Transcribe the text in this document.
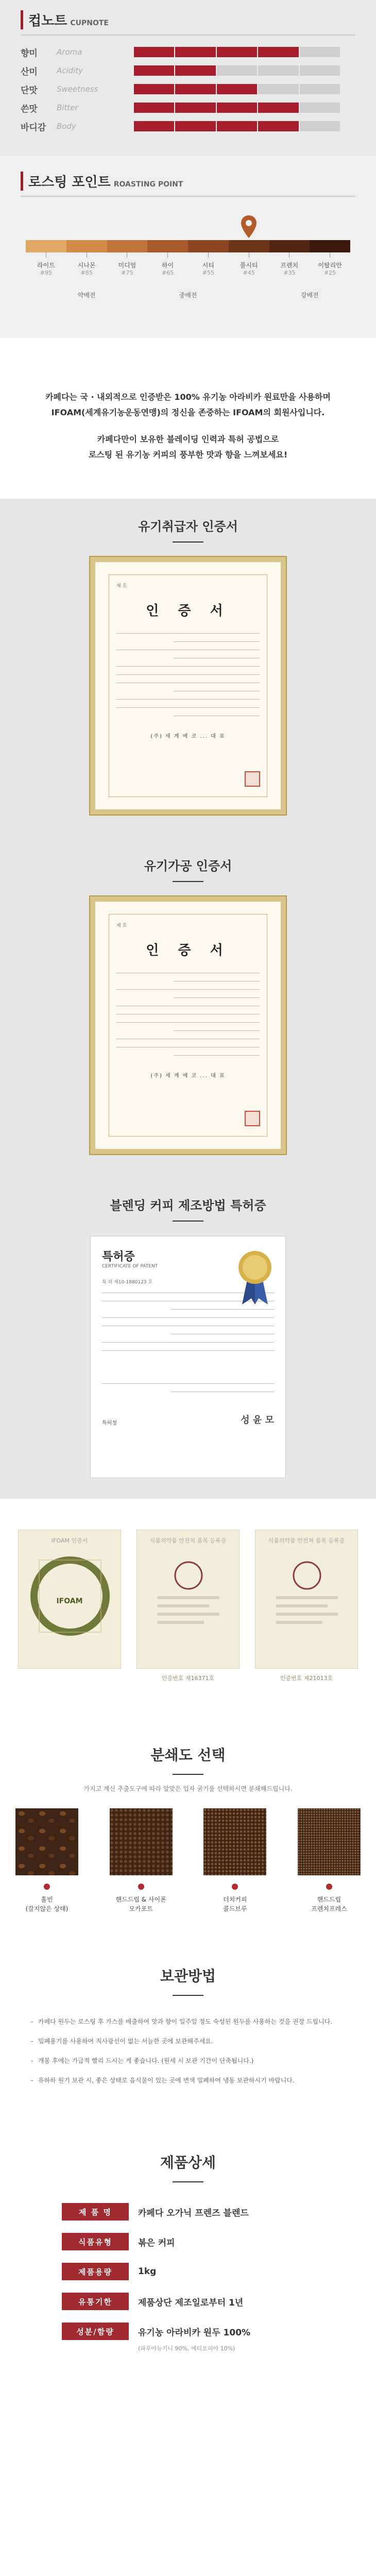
컵노트 CUPNOTE
향미	Aroma
산미	Acidity
단맛	Sweetness
쓴맛	Bitter
바디감	Body
로스팅 포인트 ROASTING POINT
라이트
#95
시나몬
#85
미디엄
#75
하이
#65
시티
#55
풀시티
#45
프렌치
#35
이탈리안
#25
약배전	중배전	강배전

카페다는 국 · 내외적으로 인증받은 100% 유기농 아라비카 원료만을 사용하며
IFOAM(세계유기농운동연맹)의 정신을 존중하는 IFOAM의 회원사입니다.

카페다만이 보유한 블레이딩 인력과 특허 공법으로
로스팅 된 유기농 커피의 풍부한 맛과 향을 느껴보세요!

유기취급자 인증서
제 호
인 증 서
(주) 세 계 에 코 ... 대 표
유기가공 인증서
제 호
인 증 서
(주) 세 계 에 코 ... 대 표
블렌딩 커피 제조방법 특허증
특허증
CERTIFICATE OF PATENT
특 허 제10-1880123 호
특허청	성 윤 모
IFOAM 인증서
IFOAM
식품의약품 안전처 품목 등록증
인증번호 제16371호
식품의약품 안전처 품목 등록증
인증번호 제21013호
분쇄도 선택
가지고 계신 추출도구에 따라 알맞은 입자 굵기를 선택하시면 분쇄해드립니다.
홀빈
(갈지않은 상태)
핸드드립 & 사이폰
모카포트
더치커피
콜드브루
핸드드립
프렌치프레스
보관방법
- 카페다 원두는 로스팅 후 가스를 배출하여 맛과 향이 일주일 정도 숙성된 원두를 사용하는 것을 권장 드립니다.
- 밀폐용기를 사용하여 직사광선이 없는 서늘한 곳에 보관해주세요.
- 개봉 후에는 가급적 빨리 드시는 게 좋습니다. (원세 시 보관 기간이 단축됩니다.)
- 유하하 원기 보관 시, 좋은 상태로 음식물이 있는 곳에 변색 밀폐하여 냉동 보관하시기 바랍니다.
제품상세
제 품 명	카페다 오가닉 프렌즈 블렌드
식품유형	볶은 커피
제품용량	1kg
유통기한	제품상단 제조일로부터 1년
성분/함량	유기농 아라비카 원두 100%
(파푸아뉴기니 90%, 에티오피아 10%)
